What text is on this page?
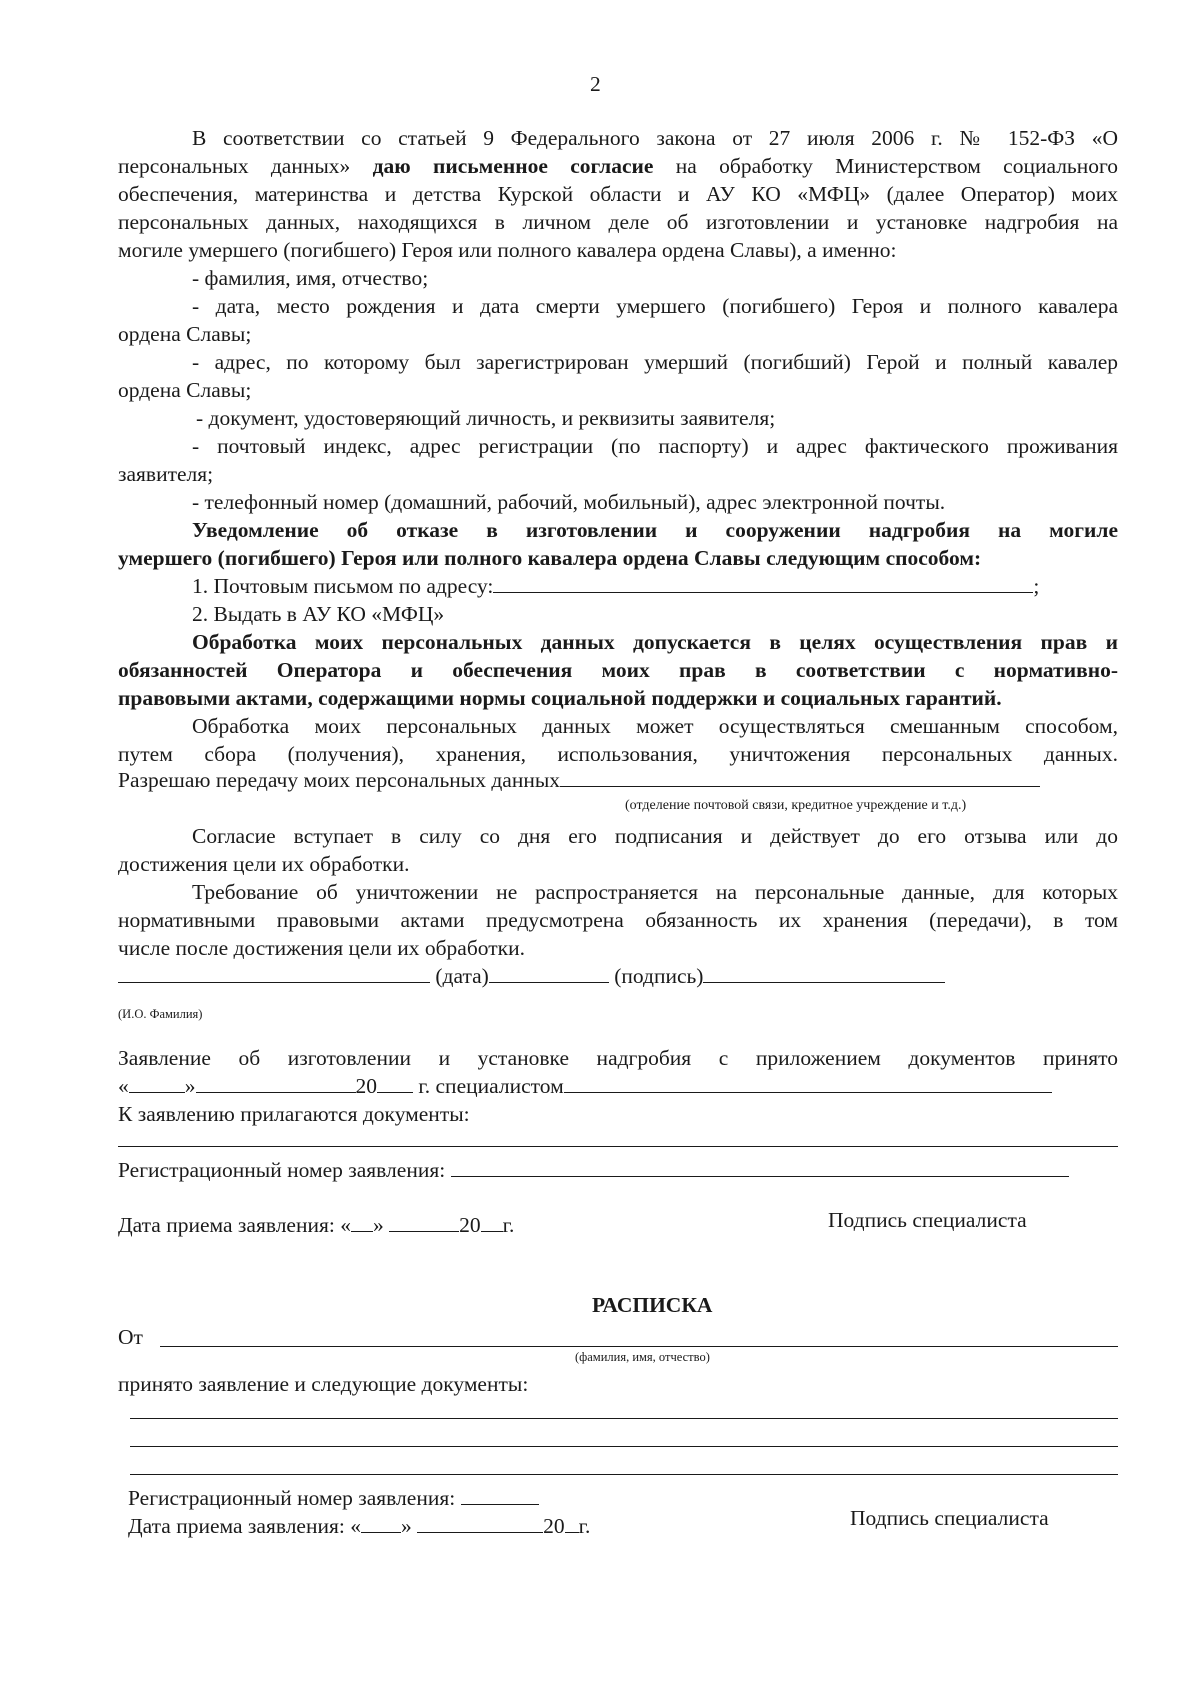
2
В соответствии со статьей 9 Федерального закона от 27 июля 2006 г. № 152-ФЗ «О
персональных данных» даю письменное согласие на обработку Министерством социального
обеспечения, материнства и детства Курской области и АУ КО «МФЦ» (далее Оператор) моих
персональных данных, находящихся в личном деле об изготовлении и установке надгробия на
могиле умершего (погибшего) Героя или полного кавалера ордена Славы), а именно:
- фамилия, имя, отчество;
- дата, место рождения и дата смерти умершего (погибшего) Героя и полного кавалера
ордена Славы;
- адрес, по которому был зарегистрирован умерший (погибший) Герой и полный кавалер
ордена Славы;
- документ, удостоверяющий личность, и реквизиты заявителя;
- почтовый индекс, адрес регистрации (по паспорту) и адрес фактического проживания
заявителя;
- телефонный номер (домашний, рабочий, мобильный), адрес электронной почты.
Уведомление об отказе в изготовлении и сооружении надгробия на могиле
умершего (погибшего) Героя или полного кавалера ордена Славы следующим способом:
1. Почтовым письмом по адресу:	;
2. Выдать в АУ КО «МФЦ»
Обработка моих персональных данных допускается в целях осуществления прав и
обязанностей Оператора и обеспечения моих прав в соответствии с нормативно-
правовыми актами, содержащими нормы социальной поддержки и социальных гарантий.
Обработка моих персональных данных может осуществляться смешанным способом,
путем сбора (получения), хранения, использования, уничтожения персональных данных.
Разрешаю передачу моих персональных данных
(отделение почтовой связи, кредитное учреждение и т.д.)
Согласие вступает в силу со дня его подписания и действует до его отзыва или до
достижения цели их обработки.
Требование об уничтожении не распространяется на персональные данные, для которых
нормативными правовыми актами предусмотрена обязанность их хранения (передачи), в том
числе после достижения цели их обработки.
(дата)	(подпись)
(И.О. Фамилия)
Заявление об изготовлении и установке надгробия с приложением документов принято
«	»	20 г. специалистом
К заявлению прилагаются документы:
Регистрационный номер заявления:
Дата приема заявления: « »	20 г.	Подпись специалиста
РАСПИСКА
От
(фамилия, имя, отчество)
принято заявление и следующие документы:
Регистрационный номер заявления:
Дата приема заявления: « »	20 г.	Подпись специалиста
